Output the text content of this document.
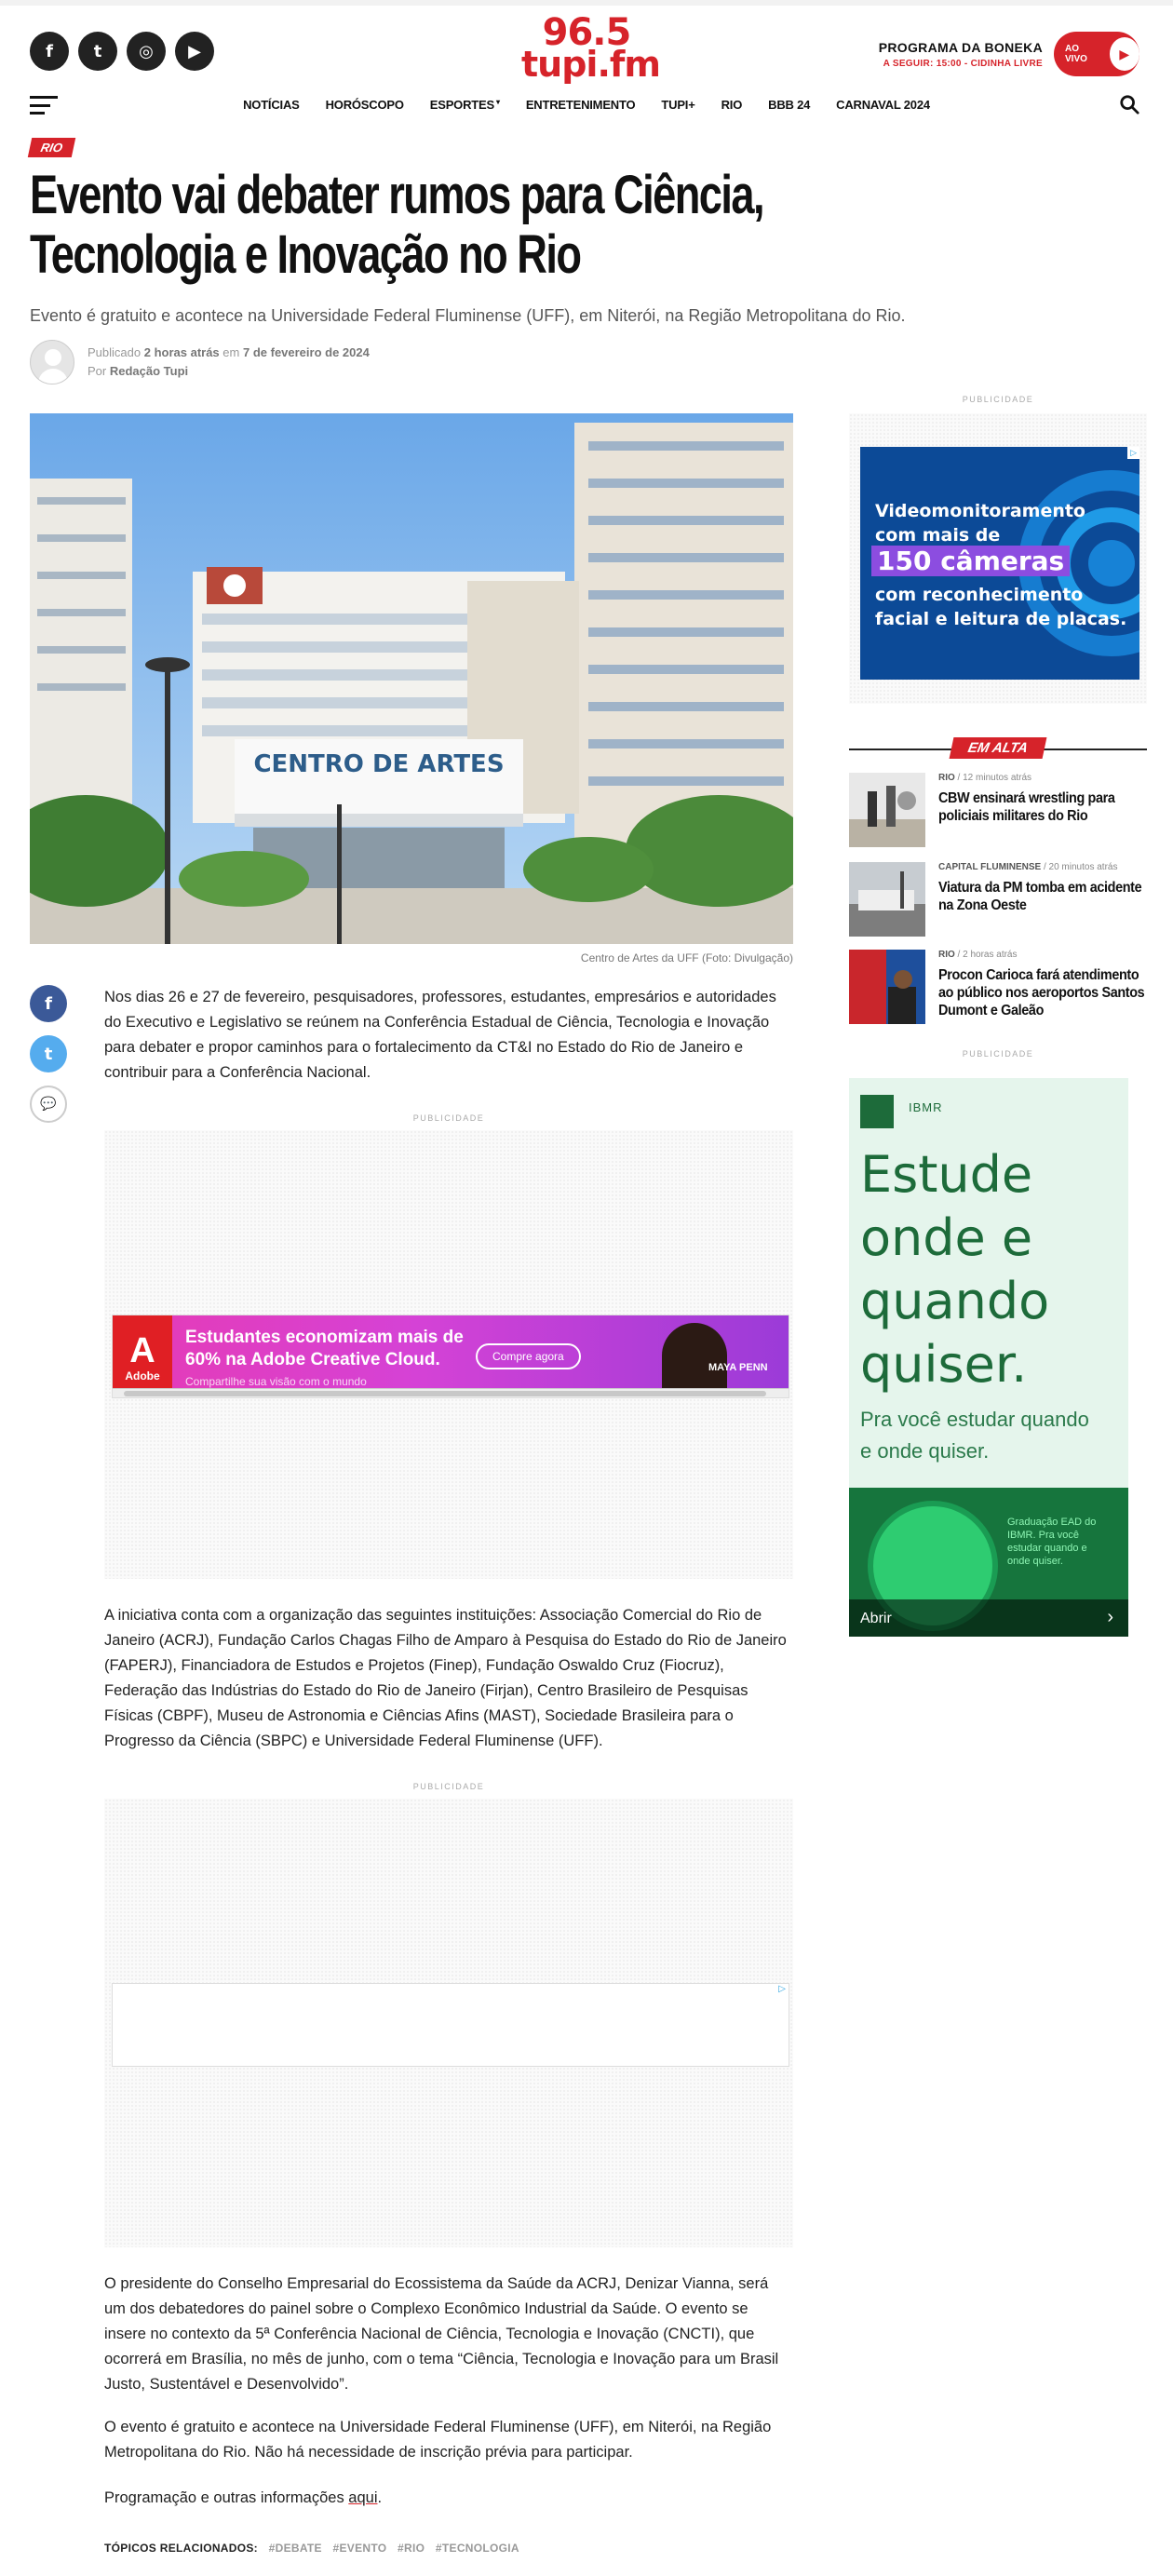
f	t	◎	▶	96.5
tupi.fm	PROGRAMA DA BONEKA
A SEGUIR: 15:00 - CIDINHA LIVRE
AO VIVO	▶
NOTÍCIAS HORÓSCOPO ESPORTES ▾ ENTRETENIMENTO TUPI+ RIO BBB 24 CARNAVAL 2024
RIO
Evento vai debater rumos para Ciência, Tecnologia e Inovação no Rio

Evento é gratuito e acontece na Universidade Federal Fluminense (UFF), em Niterói, na Região Metropolitana do Rio.

Publicado 2 horas atrás em 7 de fevereiro de 2024
Por Redação Tupi
CENTRO DE ARTES
Centro de Artes da UFF (Foto: Divulgação)
f
t
💬

Nos dias 26 e 27 de fevereiro, pesquisadores, professores, estudantes, empresários e autoridades do Executivo e Legislativo se reúnem na Conferência Estadual de Ciência, Tecnologia e Inovação para debater e propor caminhos para o fortalecimento da CT&I no Estado do Rio de Janeiro e contribuir para a Conferência Nacional.

PUBLICIDADE
A
Adobe
Estudantes economizam mais de 60% na Adobe Creative Cloud.
Compartilhe sua visão com o mundo
Compre agora
MAYA PENN

A iniciativa conta com a organização das seguintes instituições: Associação Comercial do Rio de Janeiro (ACRJ), Fundação Carlos Chagas Filho de Amparo à Pesquisa do Estado do Rio de Janeiro (FAPERJ), Financiadora de Estudos e Projetos (Finep), Fundação Oswaldo Cruz (Fiocruz), Federação das Indústrias do Estado do Rio de Janeiro (Firjan), Centro Brasileiro de Pesquisas Físicas (CBPF), Museu de Astronomia e Ciências Afins (MAST), Sociedade Brasileira para o Progresso da Ciência (SBPC) e Universidade Federal Fluminense (UFF).

PUBLICIDADE
▷

O presidente do Conselho Empresarial do Ecossistema da Saúde da ACRJ, Denizar Vianna, será um dos debatedores do painel sobre o Complexo Econômico Industrial da Saúde. O evento se insere no contexto da 5ª Conferência Nacional de Ciência, Tecnologia e Inovação (CNCTI), que ocorrerá em Brasília, no mês de junho, com o tema “Ciência, Tecnologia e Inovação para um Brasil Justo, Sustentável e Desenvolvido”.

O evento é gratuito e acontece na Universidade Federal Fluminense (UFF), em Niterói, na Região Metropolitana do Rio. Não há necessidade de inscrição prévia para participar.

Programação e outras informações aqui.

TÓPICOS RELACIONADOS: #DEBATE #EVENTO #RIO #TECNOLOGIA
PUBLICIDADE
Videomonitoramento com mais de
150 câmeras
com reconhecimento facial e leitura de placas.
▷
EM ALTA
RIO / 12 minutos atrás
CBW ensinará wrestling para policiais militares do Rio
CAPITAL FLUMINENSE / 20 minutos atrás
Viatura da PM tomba em acidente na Zona Oeste
RIO / 2 horas atrás
Procon Carioca fará atendimento ao público nos aeroportos Santos Dumont e Galeão
PUBLICIDADE
IBMR
Estude onde e quando quiser.
Pra você estudar quando e onde quiser.
Graduação EAD do IBMR. Pra você estudar quando e onde quiser.
Abrir	›
